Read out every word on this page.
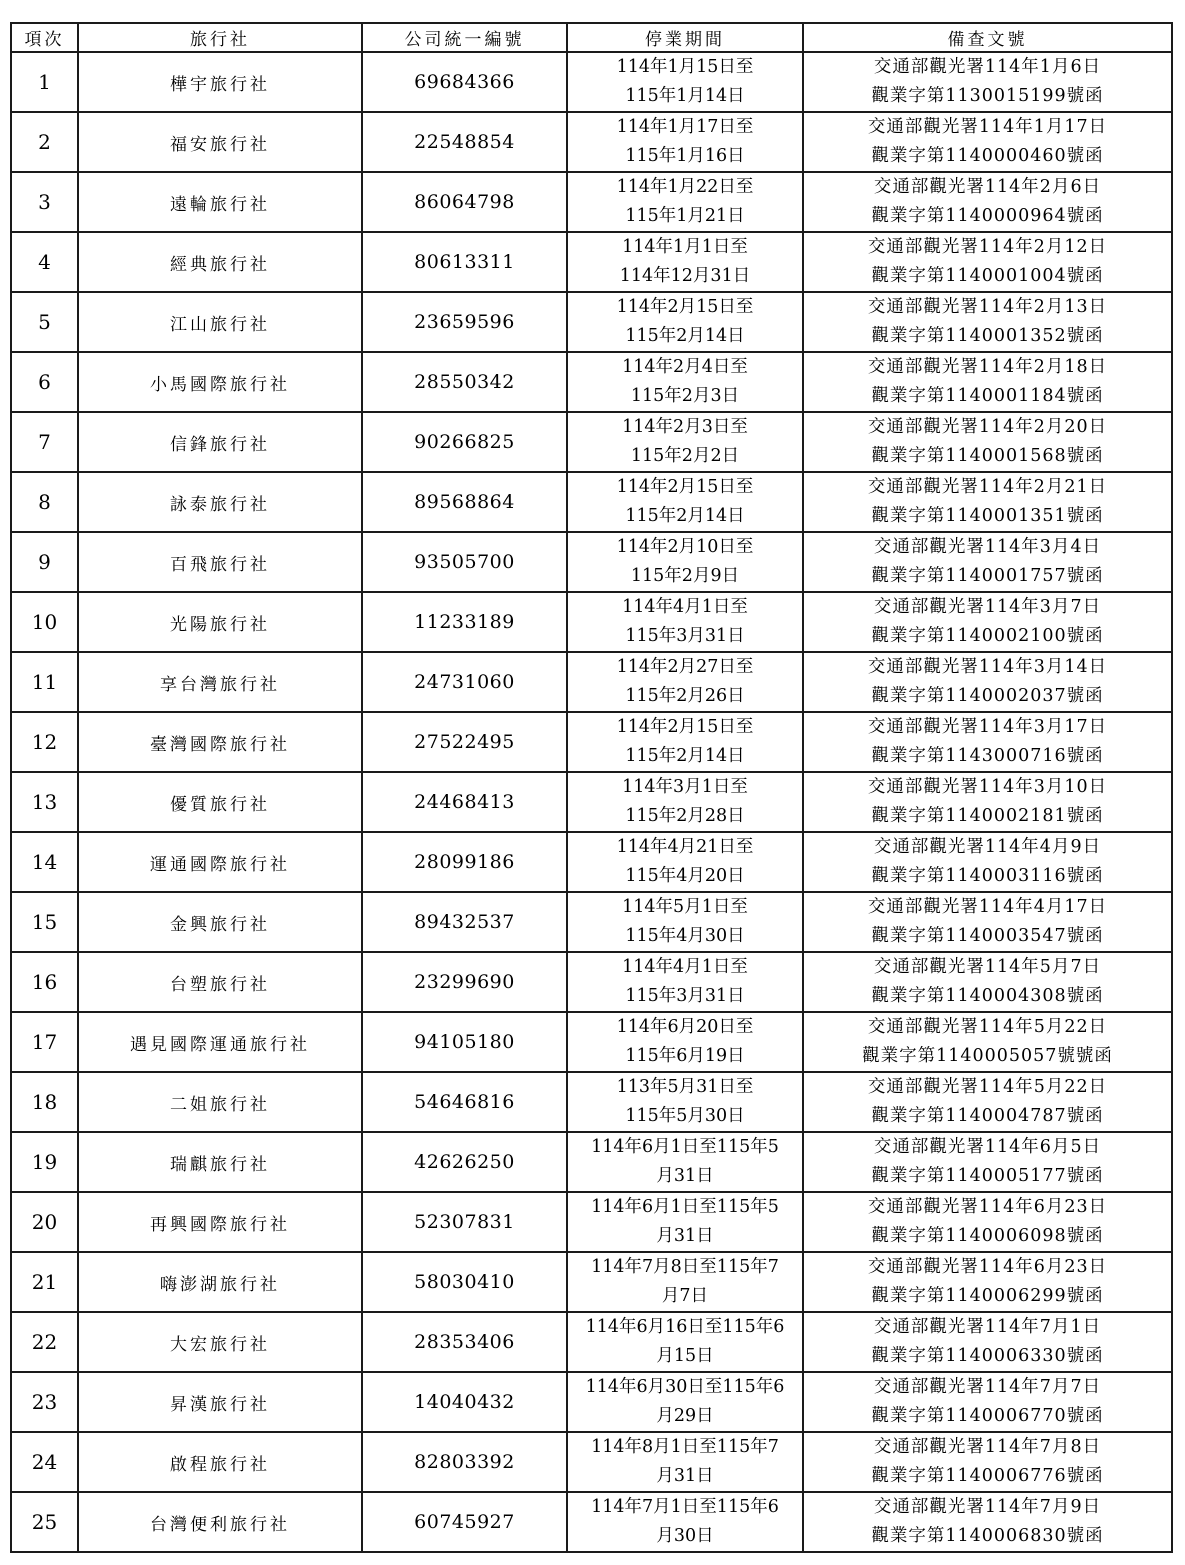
項次	旅行社	公司統一編號	停業期間	備查文號
1	樺宇旅行社	69684366	114年1月15日至
115年1月14日	交通部觀光署114年1月6日
觀業字第1130015199號函

2	福安旅行社	22548854	114年1月17日至
115年1月16日	交通部觀光署114年1月17日
觀業字第1140000460號函

3	遠輪旅行社	86064798	114年1月22日至
115年1月21日	交通部觀光署114年2月6日
觀業字第1140000964號函

4	經典旅行社	80613311	114年1月1日至
114年12月31日	交通部觀光署114年2月12日
觀業字第1140001004號函

5	江山旅行社	23659596	114年2月15日至
115年2月14日	交通部觀光署114年2月13日
觀業字第1140001352號函

6	小馬國際旅行社	28550342	114年2月4日至
115年2月3日	交通部觀光署114年2月18日
觀業字第1140001184號函

7	信鋒旅行社	90266825	114年2月3日至
115年2月2日	交通部觀光署114年2月20日
觀業字第1140001568號函

8	詠泰旅行社	89568864	114年2月15日至
115年2月14日	交通部觀光署114年2月21日
觀業字第1140001351號函

9	百飛旅行社	93505700	114年2月10日至
115年2月9日	交通部觀光署114年3月4日
觀業字第1140001757號函

10	光陽旅行社	11233189	114年4月1日至
115年3月31日	交通部觀光署114年3月7日
觀業字第1140002100號函

11	享台灣旅行社	24731060	114年2月27日至
115年2月26日	交通部觀光署114年3月14日
觀業字第1140002037號函

12	臺灣國際旅行社	27522495	114年2月15日至
115年2月14日	交通部觀光署114年3月17日
觀業字第1143000716號函

13	優質旅行社	24468413	114年3月1日至
115年2月28日	交通部觀光署114年3月10日
觀業字第1140002181號函

14	運通國際旅行社	28099186	114年4月21日至
115年4月20日	交通部觀光署114年4月9日
觀業字第1140003116號函

15	金興旅行社	89432537	114年5月1日至
115年4月30日	交通部觀光署114年4月17日
觀業字第1140003547號函

16	台塑旅行社	23299690	114年4月1日至
115年3月31日	交通部觀光署114年5月7日
觀業字第1140004308號函

17	遇見國際運通旅行社	94105180	114年6月20日至
115年6月19日	交通部觀光署114年5月22日
觀業字第1140005057號號函

18	二姐旅行社	54646816	113年5月31日至
115年5月30日	交通部觀光署114年5月22日
觀業字第1140004787號函

19	瑞麒旅行社	42626250	114年6月1日至115年5
月31日	交通部觀光署114年6月5日
觀業字第1140005177號函

20	再興國際旅行社	52307831	114年6月1日至115年5
月31日	交通部觀光署114年6月23日
觀業字第1140006098號函

21	嗨澎湖旅行社	58030410	114年7月8日至115年7
月7日	交通部觀光署114年6月23日
觀業字第1140006299號函

22	大宏旅行社	28353406	114年6月16日至115年6
月15日	交通部觀光署114年7月1日
觀業字第1140006330號函

23	昇漢旅行社	14040432	114年6月30日至115年6
月29日	交通部觀光署114年7月7日
觀業字第1140006770號函

24	啟程旅行社	82803392	114年8月1日至115年7
月31日	交通部觀光署114年7月8日
觀業字第1140006776號函

25	台灣便利旅行社	60745927	114年7月1日至115年6
月30日	交通部觀光署114年7月9日
觀業字第1140006830號函
